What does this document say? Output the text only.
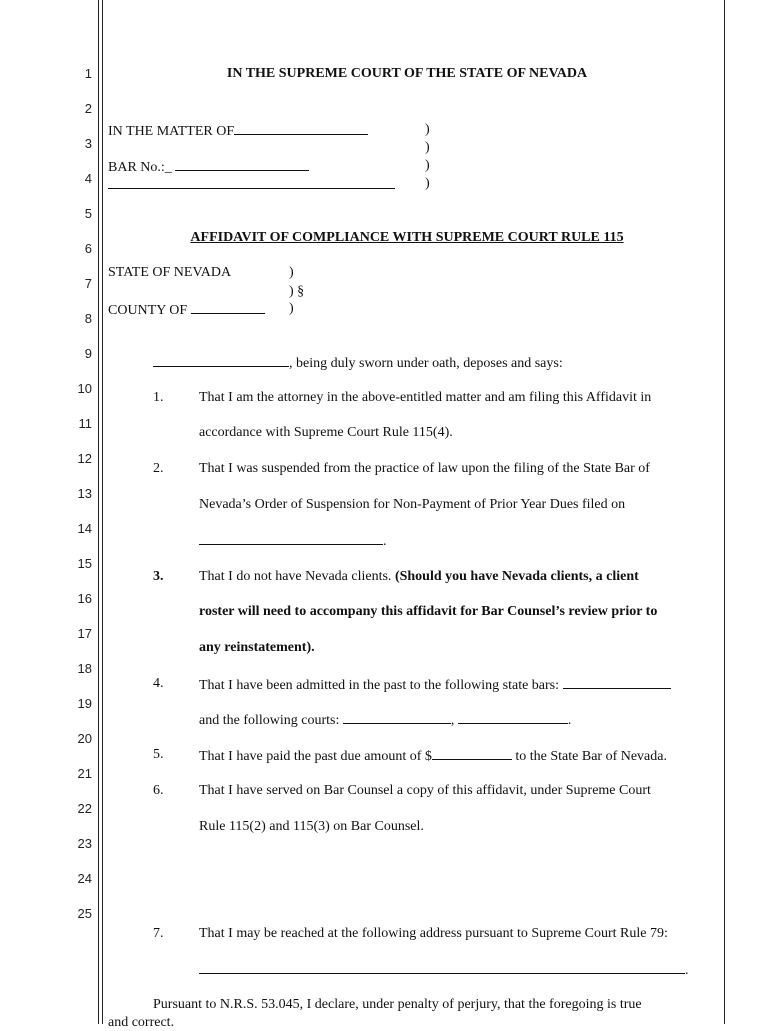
1
2
3
4
5
6
7
8
9
10
11
12
13
14
15
16
17
18
19
20
21
22
23
24
25
IN THE SUPREME COURT OF THE STATE OF NEVADA
IN THE MATTER OF
BAR No.:_
)
)
)
)
AFFIDAVIT OF COMPLIANCE WITH SUPREME COURT RULE 115
STATE OF NEVADA	)
) §
COUNTY OF	)
, being duly sworn under oath, deposes and says:
1.	That I am the attorney in the above-entitled matter and am filing this Affidavit in
accordance with Supreme Court Rule 115(4).
2.	That I was suspended from the practice of law upon the filing of the State Bar of
Nevada’s Order of Suspension for Non-Payment of Prior Year Dues filed on
.
3.	That I do not have Nevada clients. (Should you have Nevada clients, a client
roster will need to accompany this affidavit for Bar Counsel’s review prior to
any reinstatement).
4.	That I have been admitted in the past to the following state bars:
and the following courts:	,	.
5.	That I have paid the past due amount of $	to the State Bar of Nevada.
6.	That I have served on Bar Counsel a copy of this affidavit, under Supreme Court
Rule 115(2) and 115(3) on Bar Counsel.
7.	That I may be reached at the following address pursuant to Supreme Court Rule 79:
.
Pursuant to N.R.S. 53.045, I declare, under penalty of perjury, that the foregoing is true
and correct.
